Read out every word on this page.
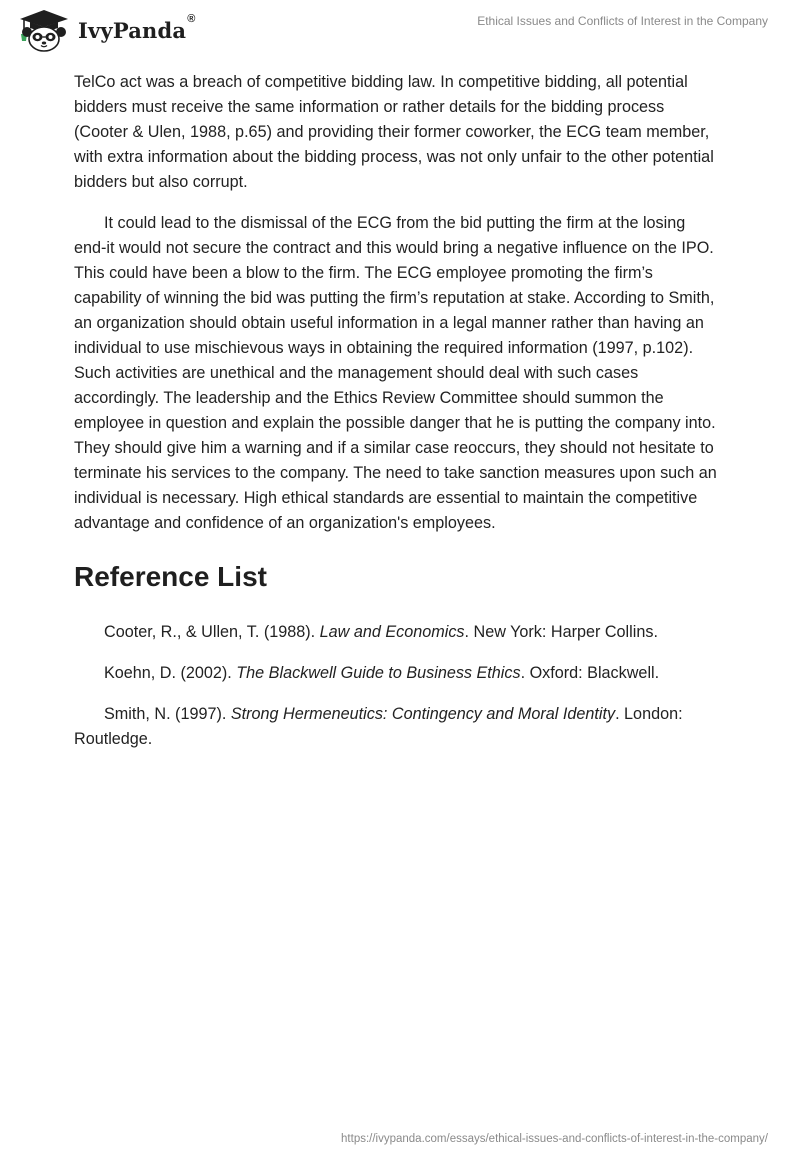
IvyPanda®	Ethical Issues and Conflicts of Interest in the Company

TelCo act was a breach of competitive bidding law. In competitive bidding, all potential bidders must receive the same information or rather details for the bidding process (Cooter & Ulen, 1988, p.65) and providing their former coworker, the ECG team member, with extra information about the bidding process, was not only unfair to the other potential bidders but also corrupt.

It could lead to the dismissal of the ECG from the bid putting the firm at the losing end-it would not secure the contract and this would bring a negative influence on the IPO. This could have been a blow to the firm. The ECG employee promoting the firm’s capability of winning the bid was putting the firm’s reputation at stake. According to Smith, an organization should obtain useful information in a legal manner rather than having an individual to use mischievous ways in obtaining the required information (1997, p.102). Such activities are unethical and the management should deal with such cases accordingly. The leadership and the Ethics Review Committee should summon the employee in question and explain the possible danger that he is putting the company into. They should give him a warning and if a similar case reoccurs, they should not hesitate to terminate his services to the company. The need to take sanction measures upon such an individual is necessary. High ethical standards are essential to maintain the competitive advantage and confidence of an organization's employees.

Reference List

Cooter, R., & Ullen, T. (1988). Law and Economics. New York: Harper Collins.

Koehn, D. (2002). The Blackwell Guide to Business Ethics. Oxford: Blackwell.

Smith, N. (1997). Strong Hermeneutics: Contingency and Moral Identity. London: Routledge.

https://ivypanda.com/essays/ethical-issues-and-conflicts-of-interest-in-the-company/
